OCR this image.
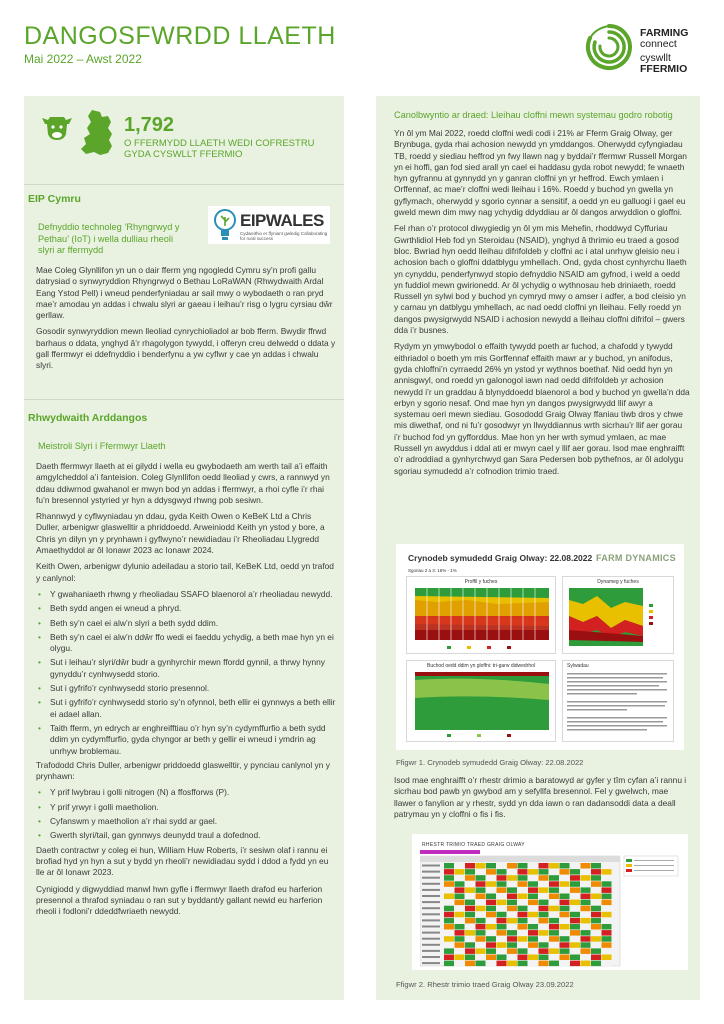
DANGOSFWRDD LLAETH
Mai 2022 – Awst 2022
FARMING
connect
cyswllt
FFERMIO
1,792
O FFERMYDD LLAETH WEDI COFRESTRU GYDA CYSWLLT FFERMIO
EIP Cymru
Defnyddio technoleg ‘Rhyngrwyd y Pethau’ (IoT) i wella dulliau rheoli slyri ar ffermydd
EIPWALES
Cydweithio er ffyniant gwledig Collaborating for rural success

Mae Coleg Glynllifon yn un o dair fferm yng ngogledd Cymru sy’n profi gallu datrysiad o synwyryddion Rhyngrwyd o Bethau LoRaWAN (Rhwydwaith Ardal Eang Ystod Pell) i wneud penderfyniadau ar sail mwy o wybodaeth o ran pryd mae’r amodau yn addas i chwalu slyri ar gaeau i leihau’r risg o lygru cyrsiau dŵr gerllaw.

Gosodir synwyryddion mewn lleoliad cynrychioliadol ar bob fferm. Bwydir ffrwd barhaus o ddata, ynghyd â’r rhagolygon tywydd, i offeryn creu delwedd o ddata y gall ffermwyr ei ddefnyddio i benderfynu a yw cyflwr y cae yn addas i chwalu slyri.

Rhwydwaith Arddangos
Meistroli Slyri i Ffermwyr Llaeth

Daeth ffermwyr llaeth at ei gilydd i wella eu gwybodaeth am werth tail a’i effaith amgylcheddol a’i fanteision. Coleg Glynllifon oedd lleoliad y cwrs, a rannwyd yn ddau ddiwrnod gwahanol er mwyn bod yn addas i ffermwyr, a rhoi cyfle i’r rhai fu’n bresennol ystyried yr hyn a ddysgwyd rhwng pob sesiwn.

Rhannwyd y cyflwyniadau yn ddau, gyda Keith Owen o KeBeK Ltd a Chris Duller, arbenigwr glaswelltir a phriddoedd. Arweiniodd Keith yn ystod y bore, a Chris yn dilyn yn y prynhawn i gyflwyno’r newidiadau i’r Rheoliadau Llygredd Amaethyddol ar ôl Ionawr 2023 ac Ionawr 2024.

Keith Owen, arbenigwr dylunio adeiladau a storio tail, KeBeK Ltd, oedd yn trafod y canlynol:

• Y gwahaniaeth rhwng y rheoliadau SSAFO blaenorol a’r rheoliadau newydd.
• Beth sydd angen ei wneud a phryd.
• Beth sy’n cael ei alw’n slyri a beth sydd ddim.
• Beth sy’n cael ei alw’n ddŵr ffo wedi ei faeddu ychydig, a beth mae hyn yn ei olygu.
• Sut i leihau’r slyri/dŵr budr a gynhyrchir mewn ffordd gynnil, a thrwy hynny gynyddu’r cynhwysedd storio.
• Sut i gyfrifo’r cynhwysedd storio presennol.
• Sut i gyfrifo’r cynhwysedd storio sy’n ofynnol, beth ellir ei gynnwys a beth ellir ei adael allan.
• Taith fferm, yn edrych ar enghreifftiau o’r hyn sy’n cydymffurfio a beth sydd ddim yn cydymffurfio, gyda chyngor ar beth y gellir ei wneud i ymdrin ag unrhyw broblemau.

Trafododd Chris Duller, arbenigwr priddoedd glaswelltir, y pynciau canlynol yn y prynhawn:

• Y prif lwybrau i golli nitrogen (N) a ffosfforws (P).
• Y prif yrwyr i golli maetholion.
• Cyfanswm y maetholion a’r rhai sydd ar gael.
• Gwerth slyri/tail, gan gynnwys deunydd traul a dofednod.

Daeth contractwr y coleg ei hun, William Huw Roberts, i’r sesiwn olaf i rannu ei brofiad hyd yn hyn a sut y bydd yn rheoli’r newidiadau sydd i ddod a fydd yn eu lle ar ôl Ionawr 2023.

Cynigiodd y digwyddiad manwl hwn gyfle i ffermwyr llaeth drafod eu harferion presennol a thrafod syniadau o ran sut y byddant/y gallant newid eu harferion rheoli i fodloni’r ddeddfwriaeth newydd.

Canolbwyntio ar draed: Lleihau cloffni mewn systemau godro robotig

Yn ôl ym Mai 2022, roedd cloffni wedi codi i 21% ar Fferm Graig Olway, ger Brynbuga, gyda rhai achosion newydd yn ymddangos. Oherwydd cyfyngiadau TB, roedd y siediau heffrod yn fwy llawn nag y byddai’r ffermwr Russell Morgan yn ei hoffi, gan fod sied arall yn cael ei haddasu gyda robot newydd; fe wnaeth hyn gyfrannu at gynnydd yn y ganran cloffni yn yr heffrod. Ewch ymlaen i Orffennaf, ac mae’r cloffni wedi lleihau i 16%. Roedd y buchod yn gwella yn gyflymach, oherwydd y sgorio cynnar a sensitif, a oedd yn eu galluogi i gael eu gweld mewn dim mwy nag ychydig ddyddiau ar ôl dangos arwyddion o gloffni.

Fel rhan o’r protocol diwygiedig yn ôl ym mis Mehefin, rhoddwyd Cyffuriau Gwrthlidiol Heb fod yn Steroidau (NSAID), ynghyd â thrimio eu traed a gosod bloc. Bwriad hyn oedd lleihau difrifoldeb y cloffni ac i atal unrhyw gleisio neu i achosion bach o gloffni ddatblygu ymhellach. Ond, gyda chost cynhyrchu llaeth yn cynyddu, penderfynwyd stopio defnyddio NSAID am gyfnod, i weld a oedd yn fuddiol mewn gwirionedd. Ar ôl ychydig o wythnosau heb driniaeth, roedd Russell yn sylwi bod y buchod yn cymryd mwy o amser i adfer, a bod cleisio yn y carnau yn datblygu ymhellach, ac nad oedd cloffni yn lleihau. Felly roedd yn dangos pwysigrwydd NSAID i achosion newydd a lleihau cloffni difrifol – gwers dda i’r busnes.

Rydym yn ymwybodol o effaith tywydd poeth ar fuchod, a chafodd y tywydd eithriadol o boeth ym mis Gorffennaf effaith mawr ar y buchod, yn anifodus, gyda chloffni’n cyrraedd 26% yn ystod yr wythnos boethaf. Nid oedd hyn yn annisgwyl, ond roedd yn galonogol iawn nad oedd difrifoldeb yr achosion newydd i’r un graddau â blynyddoedd blaenorol a bod y buchod yn gwella’n dda erbyn y sgorio nesaf. Ond mae hyn yn dangos pwysigrwydd llif awyr a systemau oeri mewn siediau. Gosododd Graig Olway ffaniau tiwb dros y chwe mis diwethaf, ond ni fu’r gosodwyr yn llwyddiannus wrth sicrhau’r llif aer gorau i’r buchod fod yn gyfforddus. Mae hon yn her wrth symud ymlaen, ac mae Russell yn awyddus i ddal ati er mwyn cael y llif aer gorau. Isod mae enghraifft o’r adroddiad a gynhyrchwyd gan Sara Pedersen bob pythefnos, ar ôl adolygu sgoriau symudedd a’r cofnodion trimio traed.

Crynodeb symudedd Graig Olway: 22.08.2022 FARM DYNAMICS
Sgoriau 2 a 3: 16% - 1%
Proffil y fuches	Dynameg y fuches
Buchod oedd ddim yn gloffni: tri-garw didwedrhol	Sylwadau
Ffigwr 1. Crynodeb symudedd Graig Olway: 22.08.2022

Isod mae enghraifft o’r rhestr drimio a baratowyd ar gyfer y tîm cyfan a’i rannu i sicrhau bod pawb yn gwybod am y sefyllfa bresennol. Fel y gwelwch, mae llawer o fanylion ar y rhestr, sydd yn dda iawn o ran dadansoddi data a deall patrymau yn y cloffni o fis i fis.

RHESTR TRIMIO TRAED GRAIG OLWAY
Ffigwr 2. Rhestr trimio traed Graig Olway 23.09.2022
